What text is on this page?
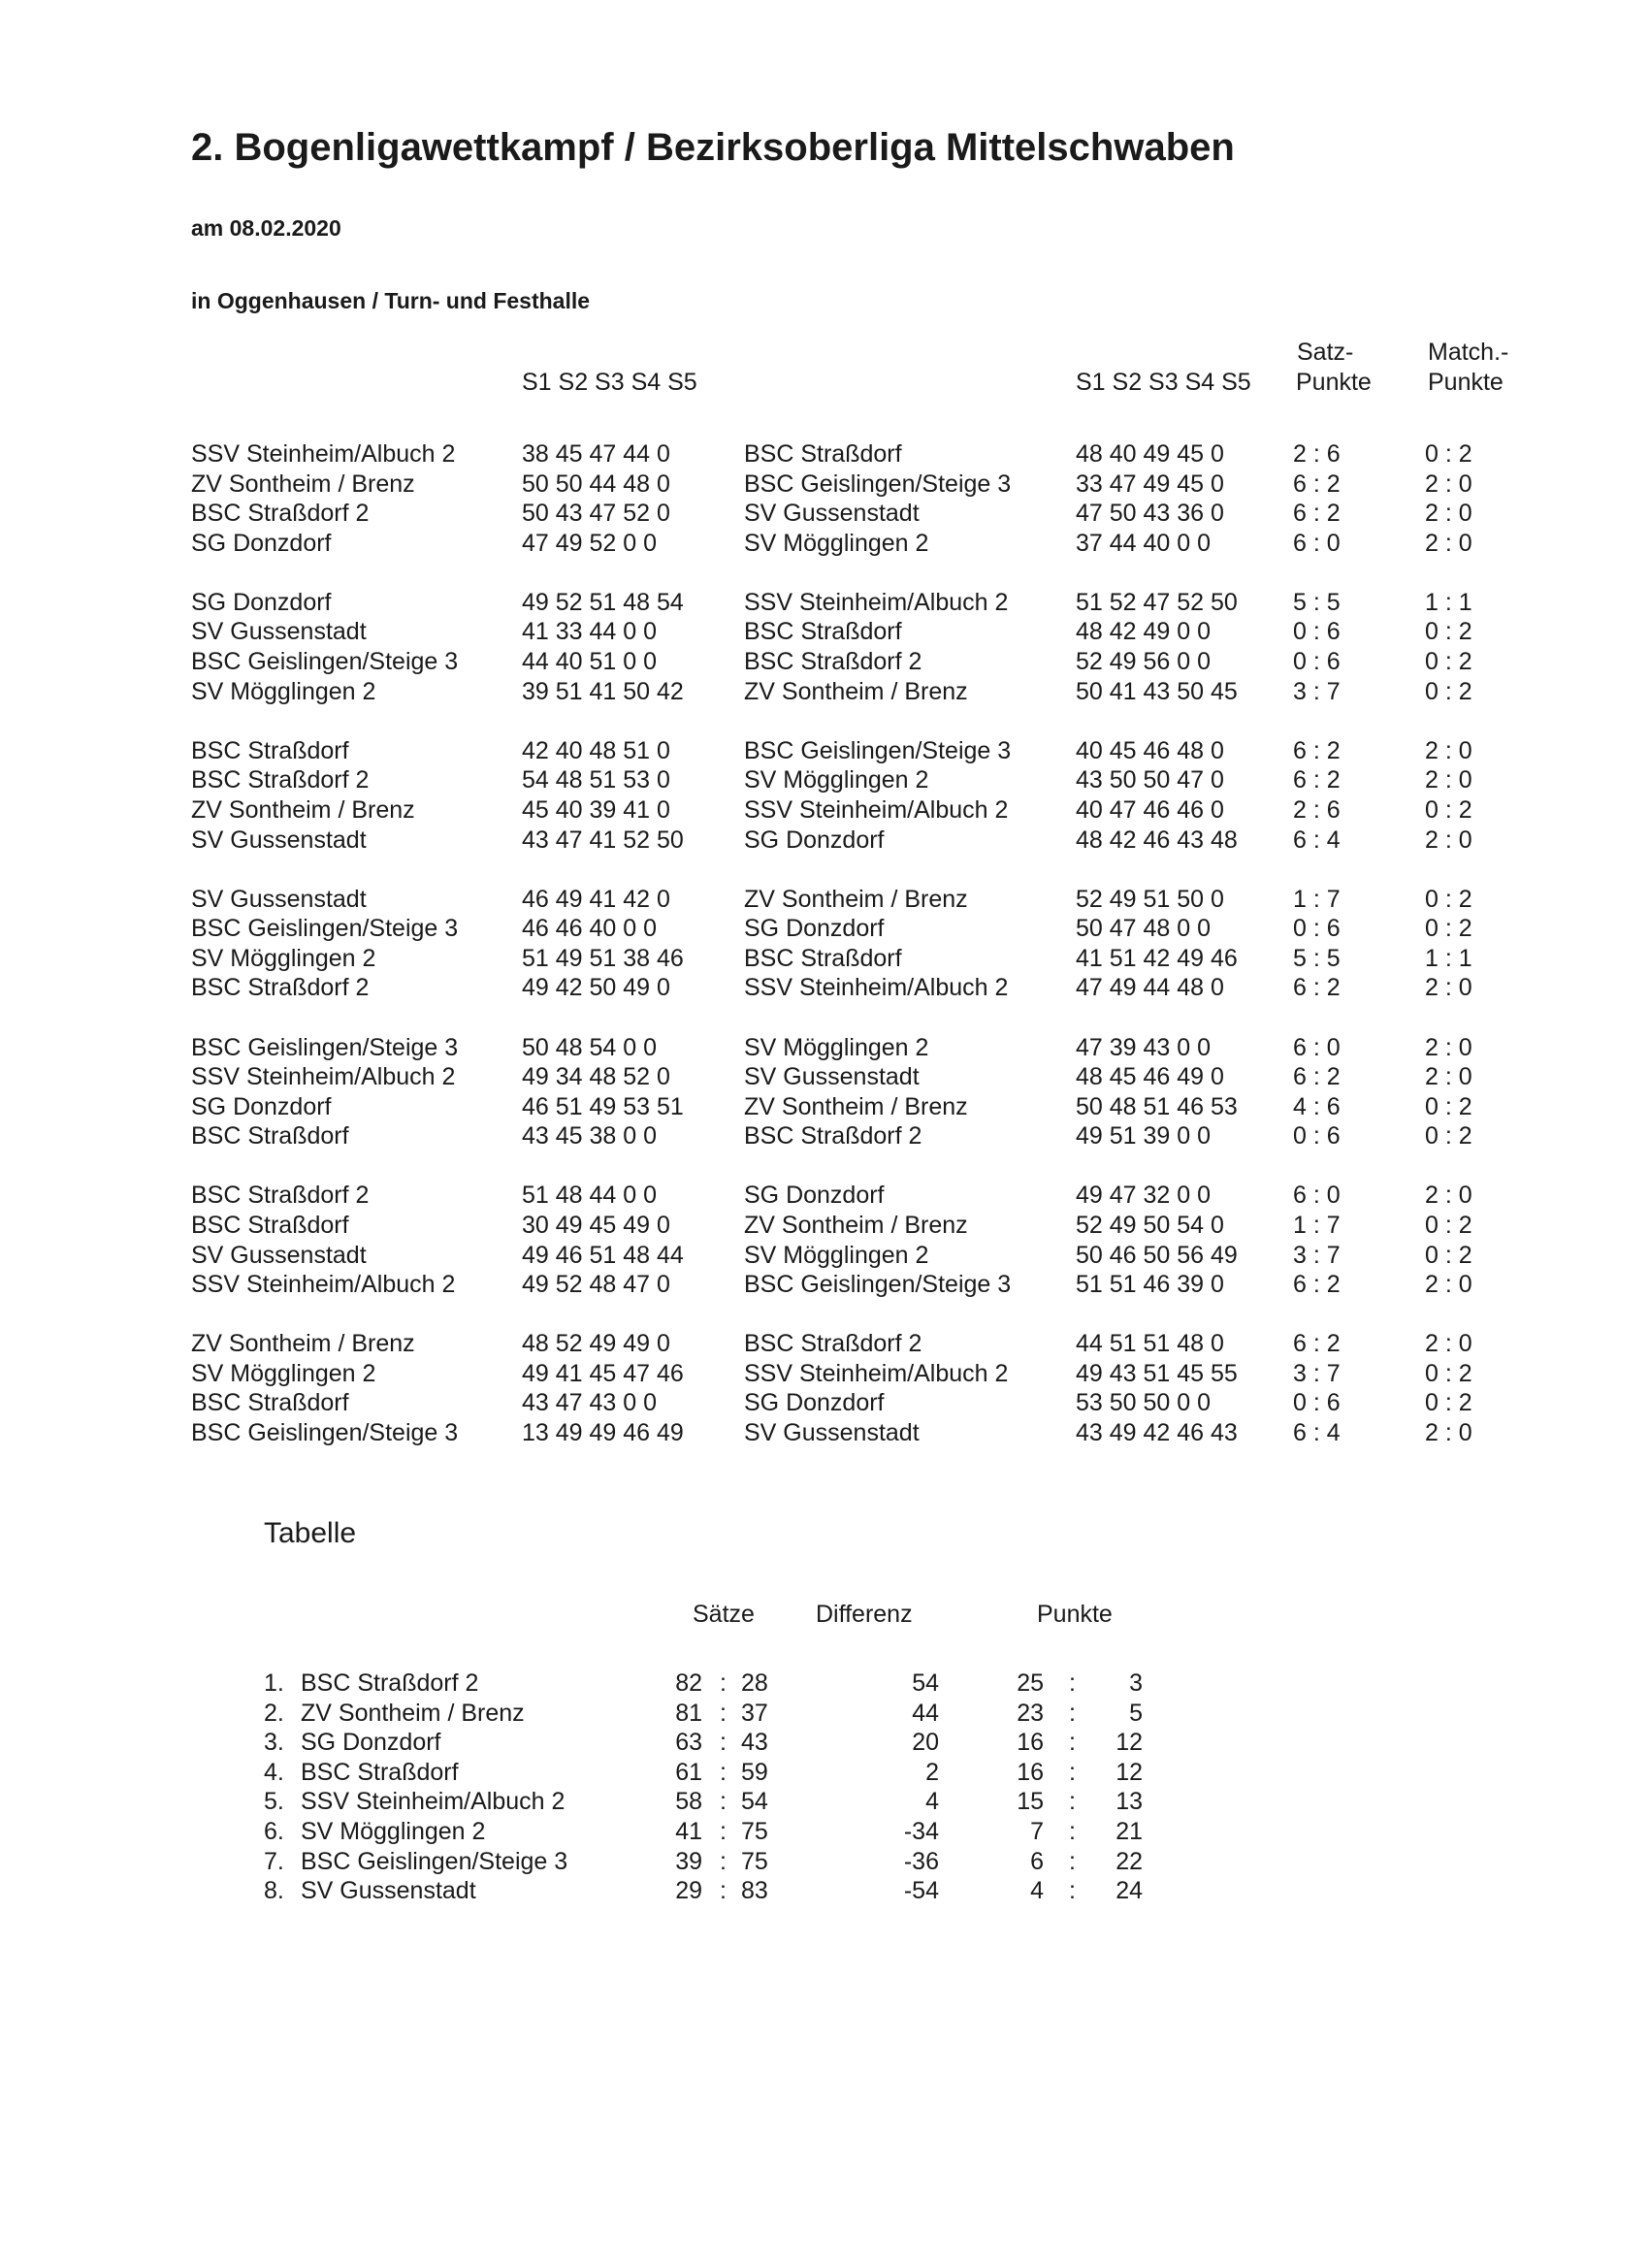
2. Bogenligawettkampf / Bezirksoberliga Mittelschwaben
am 08.02.2020
in Oggenhausen / Turn- und Festhalle
S1 S2 S3 S4 S5	S1 S2 S3 S4 S5
Satz-
Punkte
Match.-
Punkte
SSV Steinheim/Albuch 2	38 45 47 44 0	BSC Straßdorf	48 40 49 45 0	2 : 6	0 : 2
ZV Sontheim / Brenz	50 50 44 48 0	BSC Geislingen/Steige 3	33 47 49 45 0	6 : 2	2 : 0
BSC Straßdorf 2	50 43 47 52 0	SV Gussenstadt	47 50 43 36 0	6 : 2	2 : 0
SG Donzdorf	47 49 52 0 0	SV Mögglingen 2	37 44 40 0 0	6 : 0	2 : 0
SG Donzdorf	49 52 51 48 54 SSV Steinheim/Albuch 2	51 52 47 52 50 5 : 5	1 : 1
SV Gussenstadt	41 33 44 0 0	BSC Straßdorf	48 42 49 0 0	0 : 6	0 : 2
BSC Geislingen/Steige 3	44 40 51 0 0	BSC Straßdorf 2	52 49 56 0 0	0 : 6	0 : 2
SV Mögglingen 2	39 51 41 50 42 ZV Sontheim / Brenz	50 41 43 50 45 3 : 7	0 : 2
BSC Straßdorf	42 40 48 51 0	BSC Geislingen/Steige 3	40 45 46 48 0	6 : 2	2 : 0
BSC Straßdorf 2	54 48 51 53 0	SV Mögglingen 2	43 50 50 47 0	6 : 2	2 : 0
ZV Sontheim / Brenz	45 40 39 41 0	SSV Steinheim/Albuch 2	40 47 46 46 0	2 : 6	0 : 2
SV Gussenstadt	43 47 41 52 50 SG Donzdorf	48 42 46 43 48 6 : 4	2 : 0
SV Gussenstadt	46 49 41 42 0	ZV Sontheim / Brenz	52 49 51 50 0	1 : 7	0 : 2
BSC Geislingen/Steige 3	46 46 40 0 0	SG Donzdorf	50 47 48 0 0	0 : 6	0 : 2
SV Mögglingen 2	51 49 51 38 46 BSC Straßdorf	41 51 42 49 46 5 : 5	1 : 1
BSC Straßdorf 2	49 42 50 49 0	SSV Steinheim/Albuch 2	47 49 44 48 0	6 : 2	2 : 0
BSC Geislingen/Steige 3	50 48 54 0 0	SV Mögglingen 2	47 39 43 0 0	6 : 0	2 : 0
SSV Steinheim/Albuch 2	49 34 48 52 0	SV Gussenstadt	48 45 46 49 0	6 : 2	2 : 0
SG Donzdorf	46 51 49 53 51 ZV Sontheim / Brenz	50 48 51 46 53 4 : 6	0 : 2
BSC Straßdorf	43 45 38 0 0	BSC Straßdorf 2	49 51 39 0 0	0 : 6	0 : 2
BSC Straßdorf 2	51 48 44 0 0	SG Donzdorf	49 47 32 0 0	6 : 0	2 : 0
BSC Straßdorf	30 49 45 49 0	ZV Sontheim / Brenz	52 49 50 54 0	1 : 7	0 : 2
SV Gussenstadt	49 46 51 48 44 SV Mögglingen 2	50 46 50 56 49 3 : 7	0 : 2
SSV Steinheim/Albuch 2	49 52 48 47 0	BSC Geislingen/Steige 3	51 51 46 39 0	6 : 2	2 : 0
ZV Sontheim / Brenz	48 52 49 49 0	BSC Straßdorf 2	44 51 51 48 0	6 : 2	2 : 0
SV Mögglingen 2	49 41 45 47 46 SSV Steinheim/Albuch 2	49 43 51 45 55 3 : 7	0 : 2
BSC Straßdorf	43 47 43 0 0	SG Donzdorf	53 50 50 0 0	0 : 6	0 : 2
BSC Geislingen/Steige 3	13 49 49 46 49 SV Gussenstadt	43 49 42 46 43 6 : 4	2 : 0
Tabelle
Sätze	Differenz	Punkte
1. BSC Straßdorf 2	82 : 28	54	25 :	3
2. ZV Sontheim / Brenz	81 : 37	44	23 :	5
3. SG Donzdorf	63 : 43	20	16 :	12
4. BSC Straßdorf	61 : 59	2	16 :	12
5. SSV Steinheim/Albuch 2	58 : 54	4	15 :	13
6. SV Mögglingen 2	41 : 75	-34	7 :	21
7. BSC Geislingen/Steige 3	39 : 75	-36	6 :	22
8. SV Gussenstadt	29 : 83	-54	4 :	24
